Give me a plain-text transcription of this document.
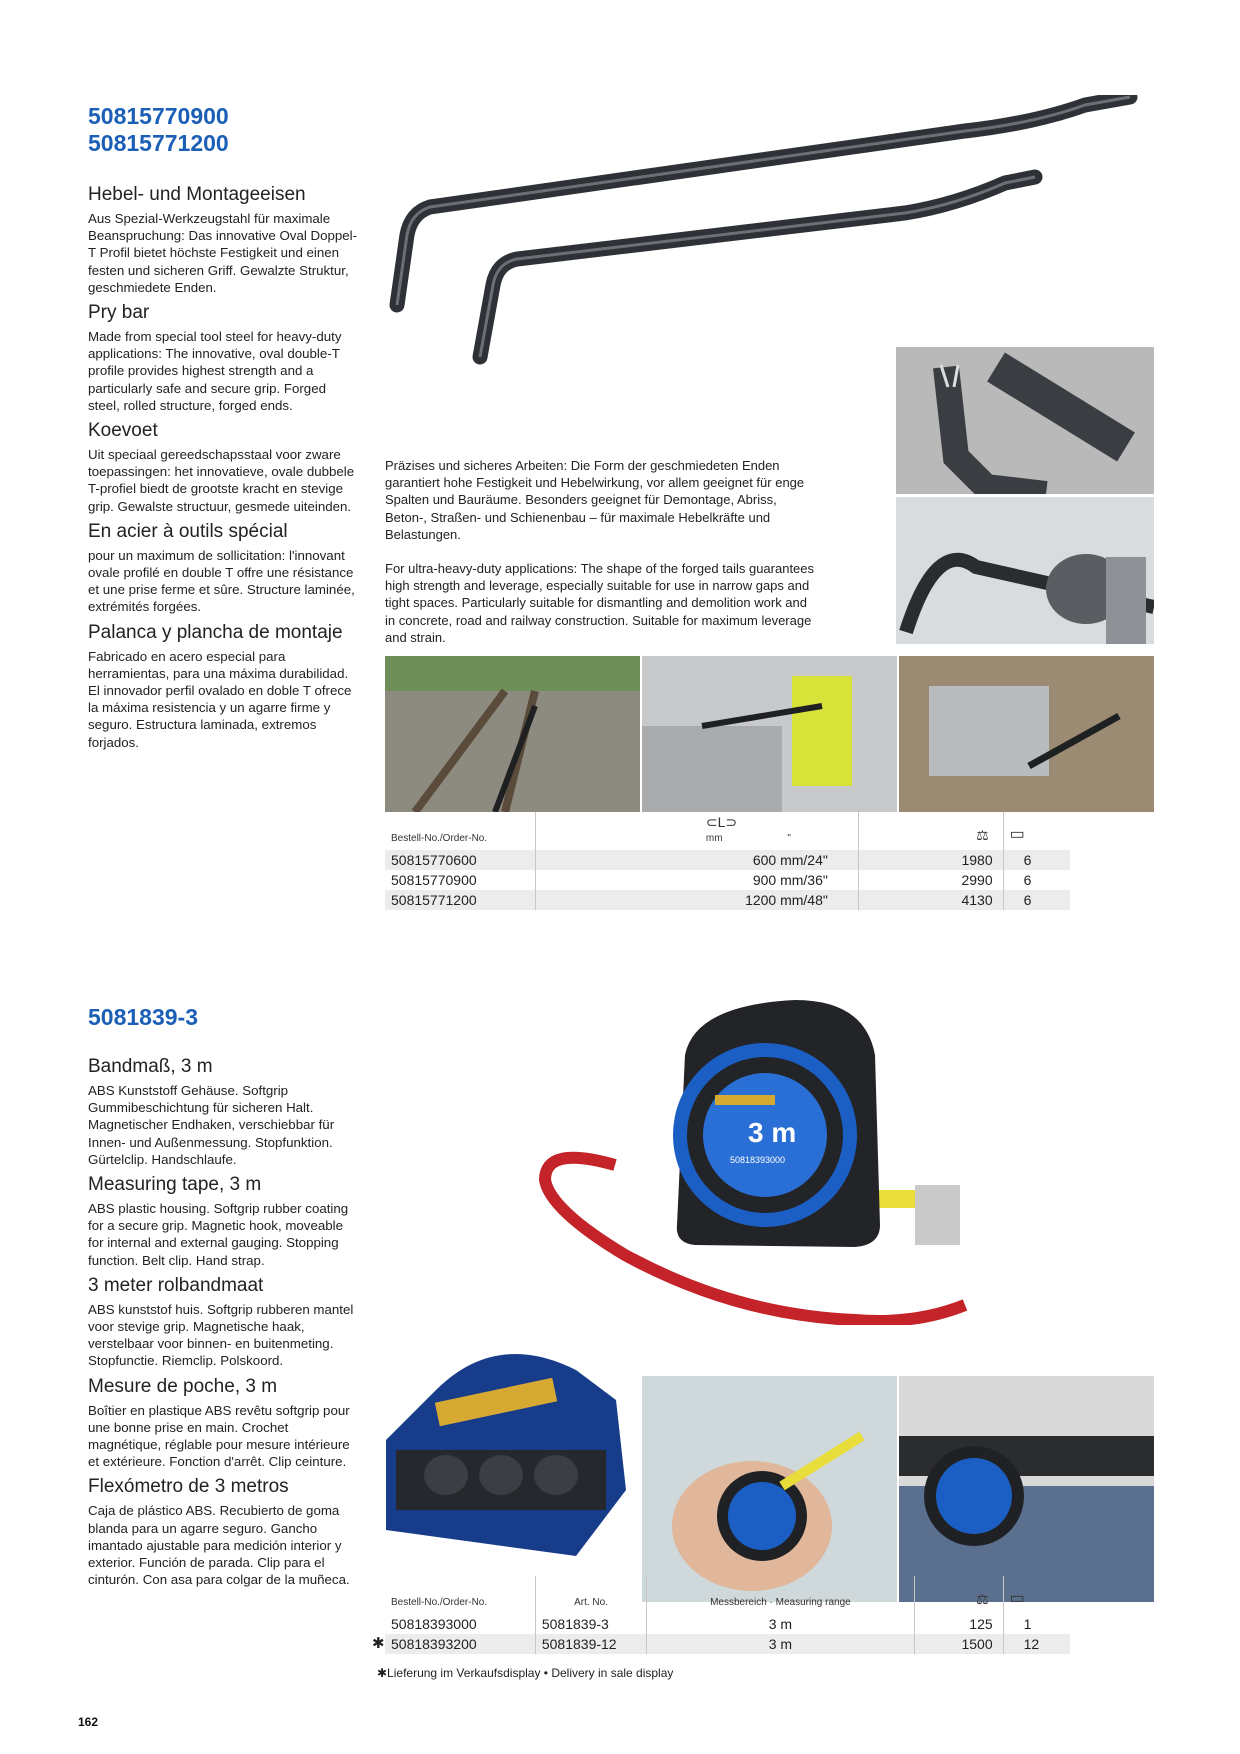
50815770900
50815771200
Hebel- und Montageeisen
Aus Spezial-Werkzeugstahl für maximale Beanspruchung: Das innovative Oval Doppel-T Profil bietet höchste Festigkeit und einen festen und sicheren Griff. Gewalzte Struktur, geschmiedete Enden.
Pry bar
Made from special tool steel for heavy-duty applications: The innovative, oval double-T profile provides highest strength and a particularly safe and secure grip. Forged steel, rolled structure, forged ends.
Koevoet
Uit speciaal gereedschapsstaal voor zware toepassingen: het innovatieve, ovale dubbele T-profiel biedt de grootste kracht en stevige grip. Gewalste structuur, gesmede uiteinden.
En acier à outils spécial
pour un maximum de sollicitation: l'innovant ovale profilé en double T offre une résistance et une prise ferme et sûre. Structure laminée, extrémités forgées.
Palanca y plancha de montaje
Fabricado en acero especial para herramientas, para una máxima durabilidad. El innovador perfil ovalado en doble T ofrece la máxima resistencia y un agarre firme y seguro. Estructura laminada, extremos forjados.
Präzises und sicheres Arbeiten: Die Form der geschmiedeten Enden garantiert hohe Festigkeit und Hebelwirkung, vor allem geeignet für enge Spalten und Bauräume. Besonders geeignet für Demontage, Abriss, Beton-, Straßen- und Schienenbau – für maximale Hebelkräfte und Belastungen.
For ultra-heavy-duty applications: The shape of the forged tails guarantees high strength and leverage, especially suitable for use in narrow gaps and tight spaces. Particularly suitable for dismantling and demolition work and in concrete, road and railway construction. Suitable for maximum leverage and strain.
Bestell-No./Order-No.	⊂L⊃
mm "	⚖	▭
50815770600	600 mm/24"	1980	6
50815770900	900 mm/36"	2990	6
50815771200	1200 mm/48"	4130	6
5081839-3
Bandmaß, 3 m
ABS Kunststoff Gehäuse. Softgrip Gummibeschichtung für sicheren Halt. Magnetischer Endhaken, verschiebbar für Innen- und Außenmessung. Stopfunktion. Gürtelclip. Handschlaufe.
Measuring tape, 3 m
ABS plastic housing. Softgrip rubber coating for a secure grip. Magnetic hook, moveable for internal and external gauging. Stopping function. Belt clip. Hand strap.
3 meter rolbandmaat
ABS kunststof huis. Softgrip rubberen mantel voor stevige grip. Magnetische haak, verstelbaar voor binnen- en buitenmeting. Stopfunctie. Riemclip. Polskoord.
Mesure de poche, 3 m
Boîtier en plastique ABS revêtu softgrip pour une bonne prise en main. Crochet magnétique, réglable pour mesure intérieure et extérieure. Fonction d'arrêt. Clip ceinture.
Flexómetro de 3 metros
Caja de plástico ABS. Recubierto de goma blanda para un agarre seguro. Gancho imantado ajustable para medición interior y exterior. Función de parada. Clip para el cinturón. Con asa para colgar de la muñeca.
3 m
50818393000
Bestell-No./Order-No.	Art. No.	Messbereich · Measuring range	⚖	▭
50818393000	5081839-3	3 m	125	1
50818393200	5081839-12	3 m	1500	12
✱
✱Lieferung im Verkaufsdisplay • Delivery in sale display
162
